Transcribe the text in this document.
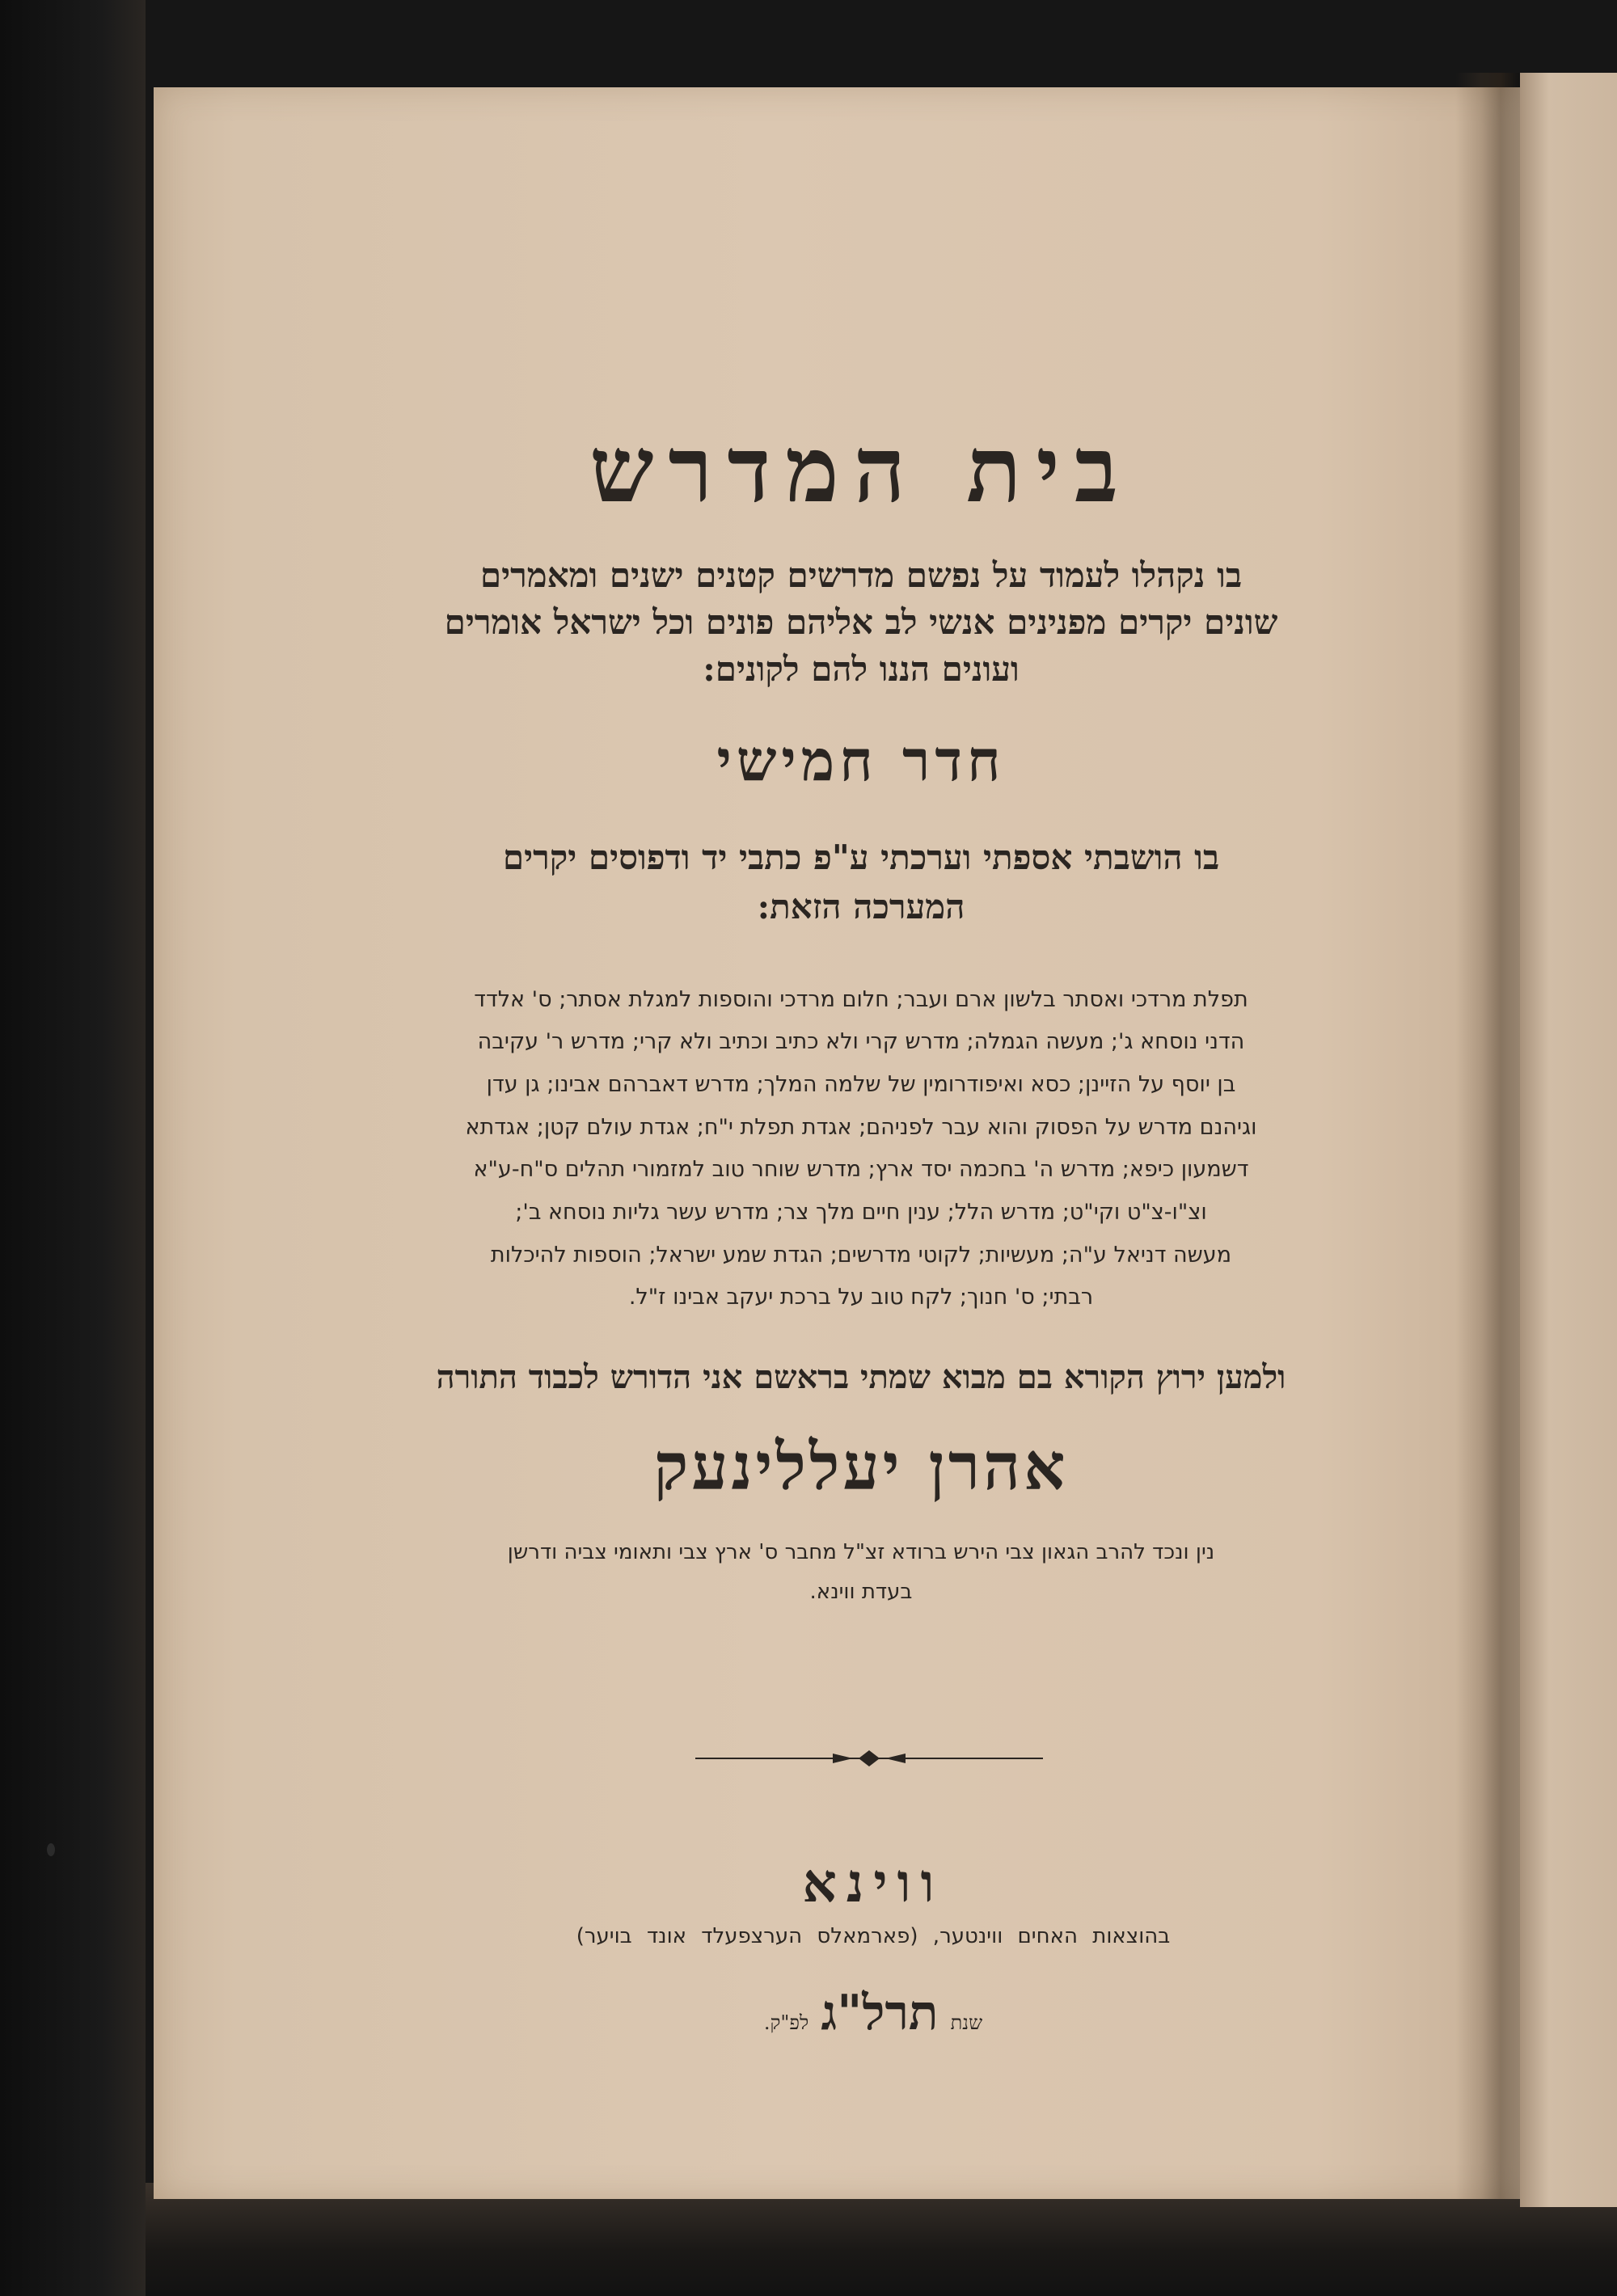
בית המדרש
בו נקהלו לעמוד על נפשם מדרשים קטנים ישנים ומאמרים
שונים יקרים מפנינים אנשי לב אליהם פונים וכל ישראל אומרים
ועונים הננו להם לקונים:
חדר חמישי
בו הושבתי אספתי וערכתי ע"פ כתבי יד ודפוסים יקרים
המערכה הזאת:
תפלת מרדכי ואסתר בלשון ארם ועבר; חלום מרדכי והוספות למגלת אסתר; ס' אלדד
הדני נוסחא ג'; מעשה הגמלה; מדרש קרי ולא כתיב וכתיב ולא קרי; מדרש ר' עקיבה
בן יוסף על הזיינן; כסא ואיפודרומין של שלמה המלך; מדרש דאברהם אבינו; גן עדן
וגיהנם מדרש על הפסוק והוא עבר לפניהם; אגדת תפלת י"ח; אגדת עולם קטן; אגדתא
דשמעון כיפא; מדרש ה' בחכמה יסד ארץ; מדרש שוחר טוב למזמורי תהלים ס"ח-ע"א
וצ"ו-צ"ט וקי"ט; מדרש הלל; ענין חיים מלך צר; מדרש עשר גליות נוסחא ב';
מעשה דניאל ע"ה; מעשיות; לקוטי מדרשים; הגדת שמע ישראל; הוספות להיכלות
רבתי; ס' חנוך; לקח טוב על ברכת יעקב אבינו ז"ל.
ולמען ירוץ הקורא בם מבוא שמתי בראשם אני הדורש לכבוד התורה
אהרן יעללינעק
נין ונכד להרב הגאון צבי הירש ברודא זצ"ל מחבר ס' ארץ צבי ותאומי צביה ודרשן
בעדת ווינא.
ווינא
בהוצאות האחים ווינטער, (פארמאלס הערצפעלד אונד בויער)
שנת תרל"ג לפ"ק.
